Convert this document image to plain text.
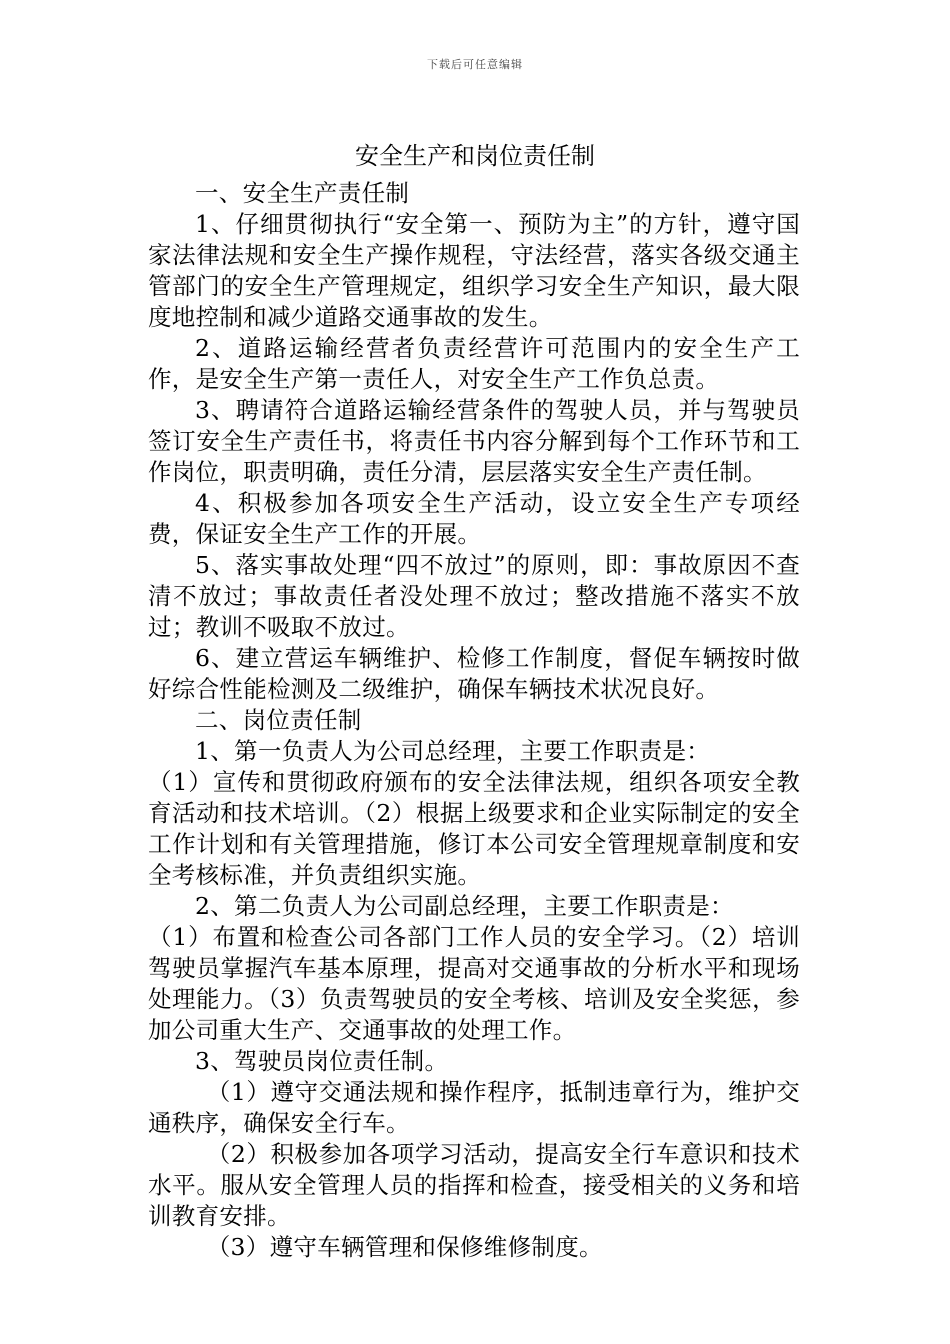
下载后可任意编辑
安全生产和岗位责任制

一、安全生产责任制

1、仔细贯彻执行“安全第一、预防为主”的方针，遵守国家法律法规和安全生产操作规程，守法经营，落实各级交通主管部门的安全生产管理规定，组织学习安全生产知识，最大限度地控制和减少道路交通事故的发生。

2、道路运输经营者负责经营许可范围内的安全生产工作，是安全生产第一责任人，对安全生产工作负总责。

3、聘请符合道路运输经营条件的驾驶人员，并与驾驶员签订安全生产责任书，将责任书内容分解到每个工作环节和工作岗位，职责明确，责任分清，层层落实安全生产责任制。

4、积极参加各项安全生产活动，设立安全生产专项经费，保证安全生产工作的开展。

5、落实事故处理“四不放过”的原则，即：事故原因不查清不放过；事故责任者没处理不放过；整改措施不落实不放过；教训不吸取不放过。

6、建立营运车辆维护、检修工作制度，督促车辆按时做好综合性能检测及二级维护，确保车辆技术状况良好。

二、岗位责任制

1、第一负责人为公司总经理，主要工作职责是：

（1）宣传和贯彻政府颁布的安全法律法规，组织各项安全教育活动和技术培训。（2）根据上级要求和企业实际制定的安全工作计划和有关管理措施，修订本公司安全管理规章制度和安全考核标准，并负责组织实施。

2、第二负责人为公司副总经理，主要工作职责是：

（1）布置和检查公司各部门工作人员的安全学习。（2）培训驾驶员掌握汽车基本原理，提高对交通事故的分析水平和现场处理能力。（3）负责驾驶员的安全考核、培训及安全奖惩，参加公司重大生产、交通事故的处理工作。

3、驾驶员岗位责任制。

（1）遵守交通法规和操作程序，抵制违章行为，维护交通秩序，确保安全行车。

（2）积极参加各项学习活动，提高安全行车意识和技术水平。服从安全管理人员的指挥和检查，接受相关的义务和培训教育安排。

（3）遵守车辆管理和保修维修制度。
